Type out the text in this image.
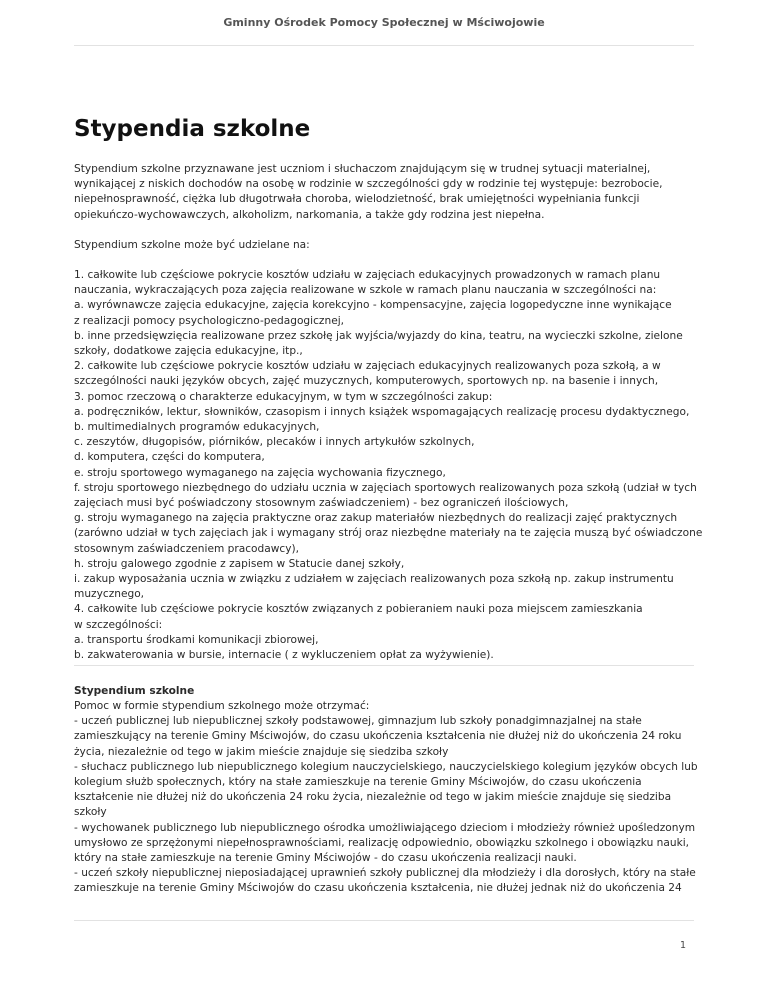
Gminny Ośrodek Pomocy Społecznej w Mściwojowie
Stypendia szkolne
Stypendium szkolne przyznawane jest uczniom i słuchaczom znajdującym się w trudnej sytuacji materialnej,
wynikającej z niskich dochodów na osobę w rodzinie w szczególności gdy w rodzinie tej występuje: bezrobocie,
niepełnosprawność, ciężka lub długotrwała choroba, wielodzietność, brak umiejętności wypełniania funkcji
opiekuńczo-wychowawczych, alkoholizm, narkomania, a także gdy rodzina jest niepełna.
Stypendium szkolne może być udzielane na:
1. całkowite lub częściowe pokrycie kosztów udziału w zajęciach edukacyjnych prowadzonych w ramach planu
nauczania, wykraczających poza zajęcia realizowane w szkole w ramach planu nauczania w szczególności na:
a. wyrównawcze zajęcia edukacyjne, zajęcia korekcyjno - kompensacyjne, zajęcia logopedyczne inne wynikające
z realizacji pomocy psychologiczno-pedagogicznej,
b. inne przedsięwzięcia realizowane przez szkołę jak wyjścia/wyjazdy do kina, teatru, na wycieczki szkolne, zielone
szkoły, dodatkowe zajęcia edukacyjne, itp.,
2. całkowite lub częściowe pokrycie kosztów udziału w zajęciach edukacyjnych realizowanych poza szkołą, a w
szczególności nauki języków obcych, zajęć muzycznych, komputerowych, sportowych np. na basenie i innych,
3. pomoc rzeczową o charakterze edukacyjnym, w tym w szczególności zakup:
a. podręczników, lektur, słowników, czasopism i innych książek wspomagających realizację procesu dydaktycznego,
b. multimedialnych programów edukacyjnych,
c. zeszytów, długopisów, piórników, plecaków i innych artykułów szkolnych,
d. komputera, części do komputera,
e. stroju sportowego wymaganego na zajęcia wychowania fizycznego,
f. stroju sportowego niezbędnego do udziału ucznia w zajęciach sportowych realizowanych poza szkołą (udział w tych
zajęciach musi być poświadczony stosownym zaświadczeniem) - bez ograniczeń ilościowych,
g. stroju wymaganego na zajęcia praktyczne oraz zakup materiałów niezbędnych do realizacji zajęć praktycznych
(zarówno udział w tych zajęciach jak i wymagany strój oraz niezbędne materiały na te zajęcia muszą być oświadczone
stosownym zaświadczeniem pracodawcy),
h. stroju galowego zgodnie z zapisem w Statucie danej szkoły,
i. zakup wyposażania ucznia w związku z udziałem w zajęciach realizowanych poza szkołą np. zakup instrumentu
muzycznego,
4. całkowite lub częściowe pokrycie kosztów związanych z pobieraniem nauki poza miejscem zamieszkania
w szczególności:
a. transportu środkami komunikacji zbiorowej,
b. zakwaterowania w bursie, internacie ( z wykluczeniem opłat za wyżywienie).
Stypendium szkolne
Pomoc w formie stypendium szkolnego może otrzymać:
- uczeń publicznej lub niepublicznej szkoły podstawowej, gimnazjum lub szkoły ponadgimnazjalnej na stałe
zamieszkujący na terenie Gminy Mściwojów, do czasu ukończenia kształcenia nie dłużej niż do ukończenia 24 roku
życia, niezależnie od tego w jakim mieście znajduje się siedziba szkoły
- słuchacz publicznego lub niepublicznego kolegium nauczycielskiego, nauczycielskiego kolegium języków obcych lub
kolegium służb społecznych, który na stałe zamieszkuje na terenie Gminy Mściwojów, do czasu ukończenia
kształcenie nie dłużej niż do ukończenia 24 roku życia, niezależnie od tego w jakim mieście znajduje się siedziba
szkoły
- wychowanek publicznego lub niepublicznego ośrodka umożliwiającego dzieciom i młodzieży również upośledzonym
umysłowo ze sprzężonymi niepełnosprawnościami, realizację odpowiednio, obowiązku szkolnego i obowiązku nauki,
który na stałe zamieszkuje na terenie Gminy Mściwojów - do czasu ukończenia realizacji nauki.
- uczeń szkoły niepublicznej nieposiadającej uprawnień szkoły publicznej dla młodzieży i dla dorosłych, który na stałe
zamieszkuje na terenie Gminy Mściwojów do czasu ukończenia kształcenia, nie dłużej jednak niż do ukończenia 24
1
